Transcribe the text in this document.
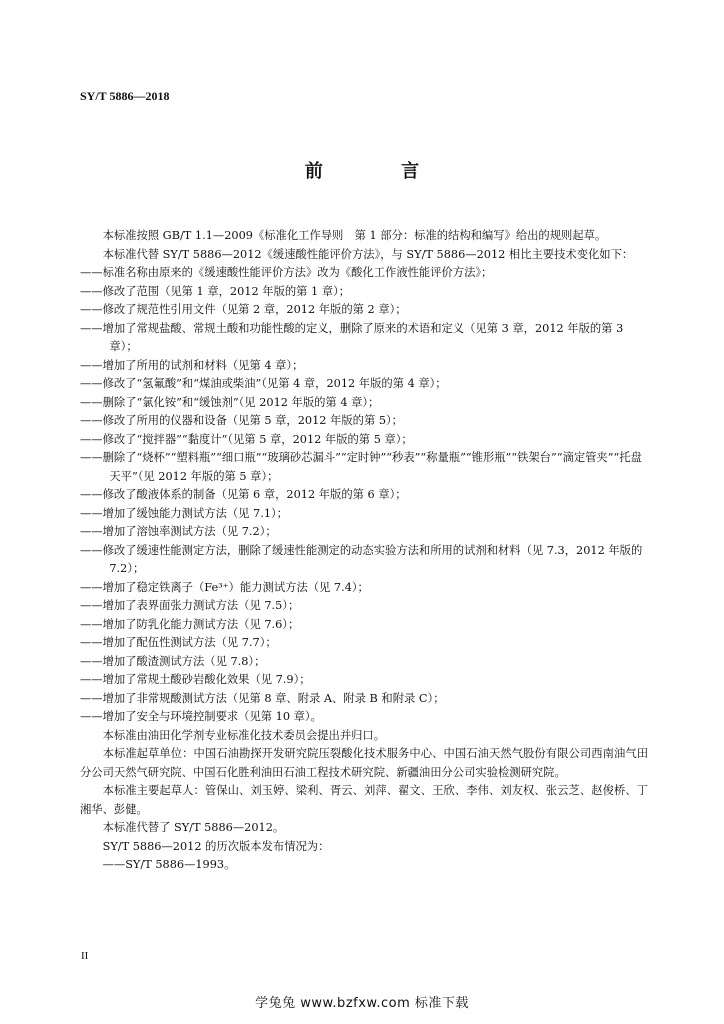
SY/T 5886—2018
前 言

本标准按照 GB/T 1.1—2009《标准化工作导则　第 1 部分：标准的结构和编写》给出的规则起草。

本标准代替 SY/T 5886—2012《缓速酸性能评价方法》，与 SY/T 5886—2012 相比主要技术变化如下：

——标准名称由原来的《缓速酸性能评价方法》改为《酸化工作液性能评价方法》；

——修改了范围（见第 1 章，2012 年版的第 1 章）；

——修改了规范性引用文件（见第 2 章，2012 年版的第 2 章）；

——增加了常规盐酸、常规土酸和功能性酸的定义，删除了原来的术语和定义（见第 3 章，2012 年版的第 3 章）；

——增加了所用的试剂和材料（见第 4 章）；

——修改了“氢氟酸”和“煤油或柴油”（见第 4 章，2012 年版的第 4 章）；

——删除了“氯化铵”和“缓蚀剂”（见 2012 年版的第 4 章）；

——修改了所用的仪器和设备（见第 5 章，2012 年版的第 5）；

——修改了“搅拌器”“黏度计”（见第 5 章，2012 年版的第 5 章）；

——删除了“烧杯”“塑料瓶”“细口瓶”“玻璃砂芯漏斗”“定时钟”“秒表”“称量瓶”“锥形瓶”“铁架台”“滴定管夹”“托盘天平”（见 2012 年版的第 5 章）；

——修改了酸液体系的制备（见第 6 章，2012 年版的第 6 章）；

——增加了缓蚀能力测试方法（见 7.1）；

——增加了溶蚀率测试方法（见 7.2）；

——修改了缓速性能测定方法，删除了缓速性能测定的动态实验方法和所用的试剂和材料（见 7.3，2012 年版的 7.2）；

——增加了稳定铁离子（Fe³⁺）能力测试方法（见 7.4）；

——增加了表界面张力测试方法（见 7.5）；

——增加了防乳化能力测试方法（见 7.6）；

——增加了配伍性测试方法（见 7.7）；

——增加了酸渣测试方法（见 7.8）；

——增加了常规土酸砂岩酸化效果（见 7.9）；

——增加了非常规酸测试方法（见第 8 章、附录 A、附录 B 和附录 C）；

——增加了安全与环境控制要求（见第 10 章）。

本标准由油田化学剂专业标准化技术委员会提出并归口。

本标准起草单位：中国石油勘探开发研究院压裂酸化技术服务中心、中国石油天然气股份有限公司西南油气田分公司天然气研究院、中国石化胜利油田石油工程技术研究院、新疆油田分公司实验检测研究院。

本标准主要起草人：管保山、刘玉婷、梁利、胥云、刘萍、翟文、王欣、李伟、刘友权、张云芝、赵俊桥、丁湘华、彭健。

本标准代替了 SY/T 5886—2012。

SY/T 5886—2012 的历次版本发布情况为：

——SY/T 5886—1993。

II
学兔兔 www.bzfxw.com 标准下载
